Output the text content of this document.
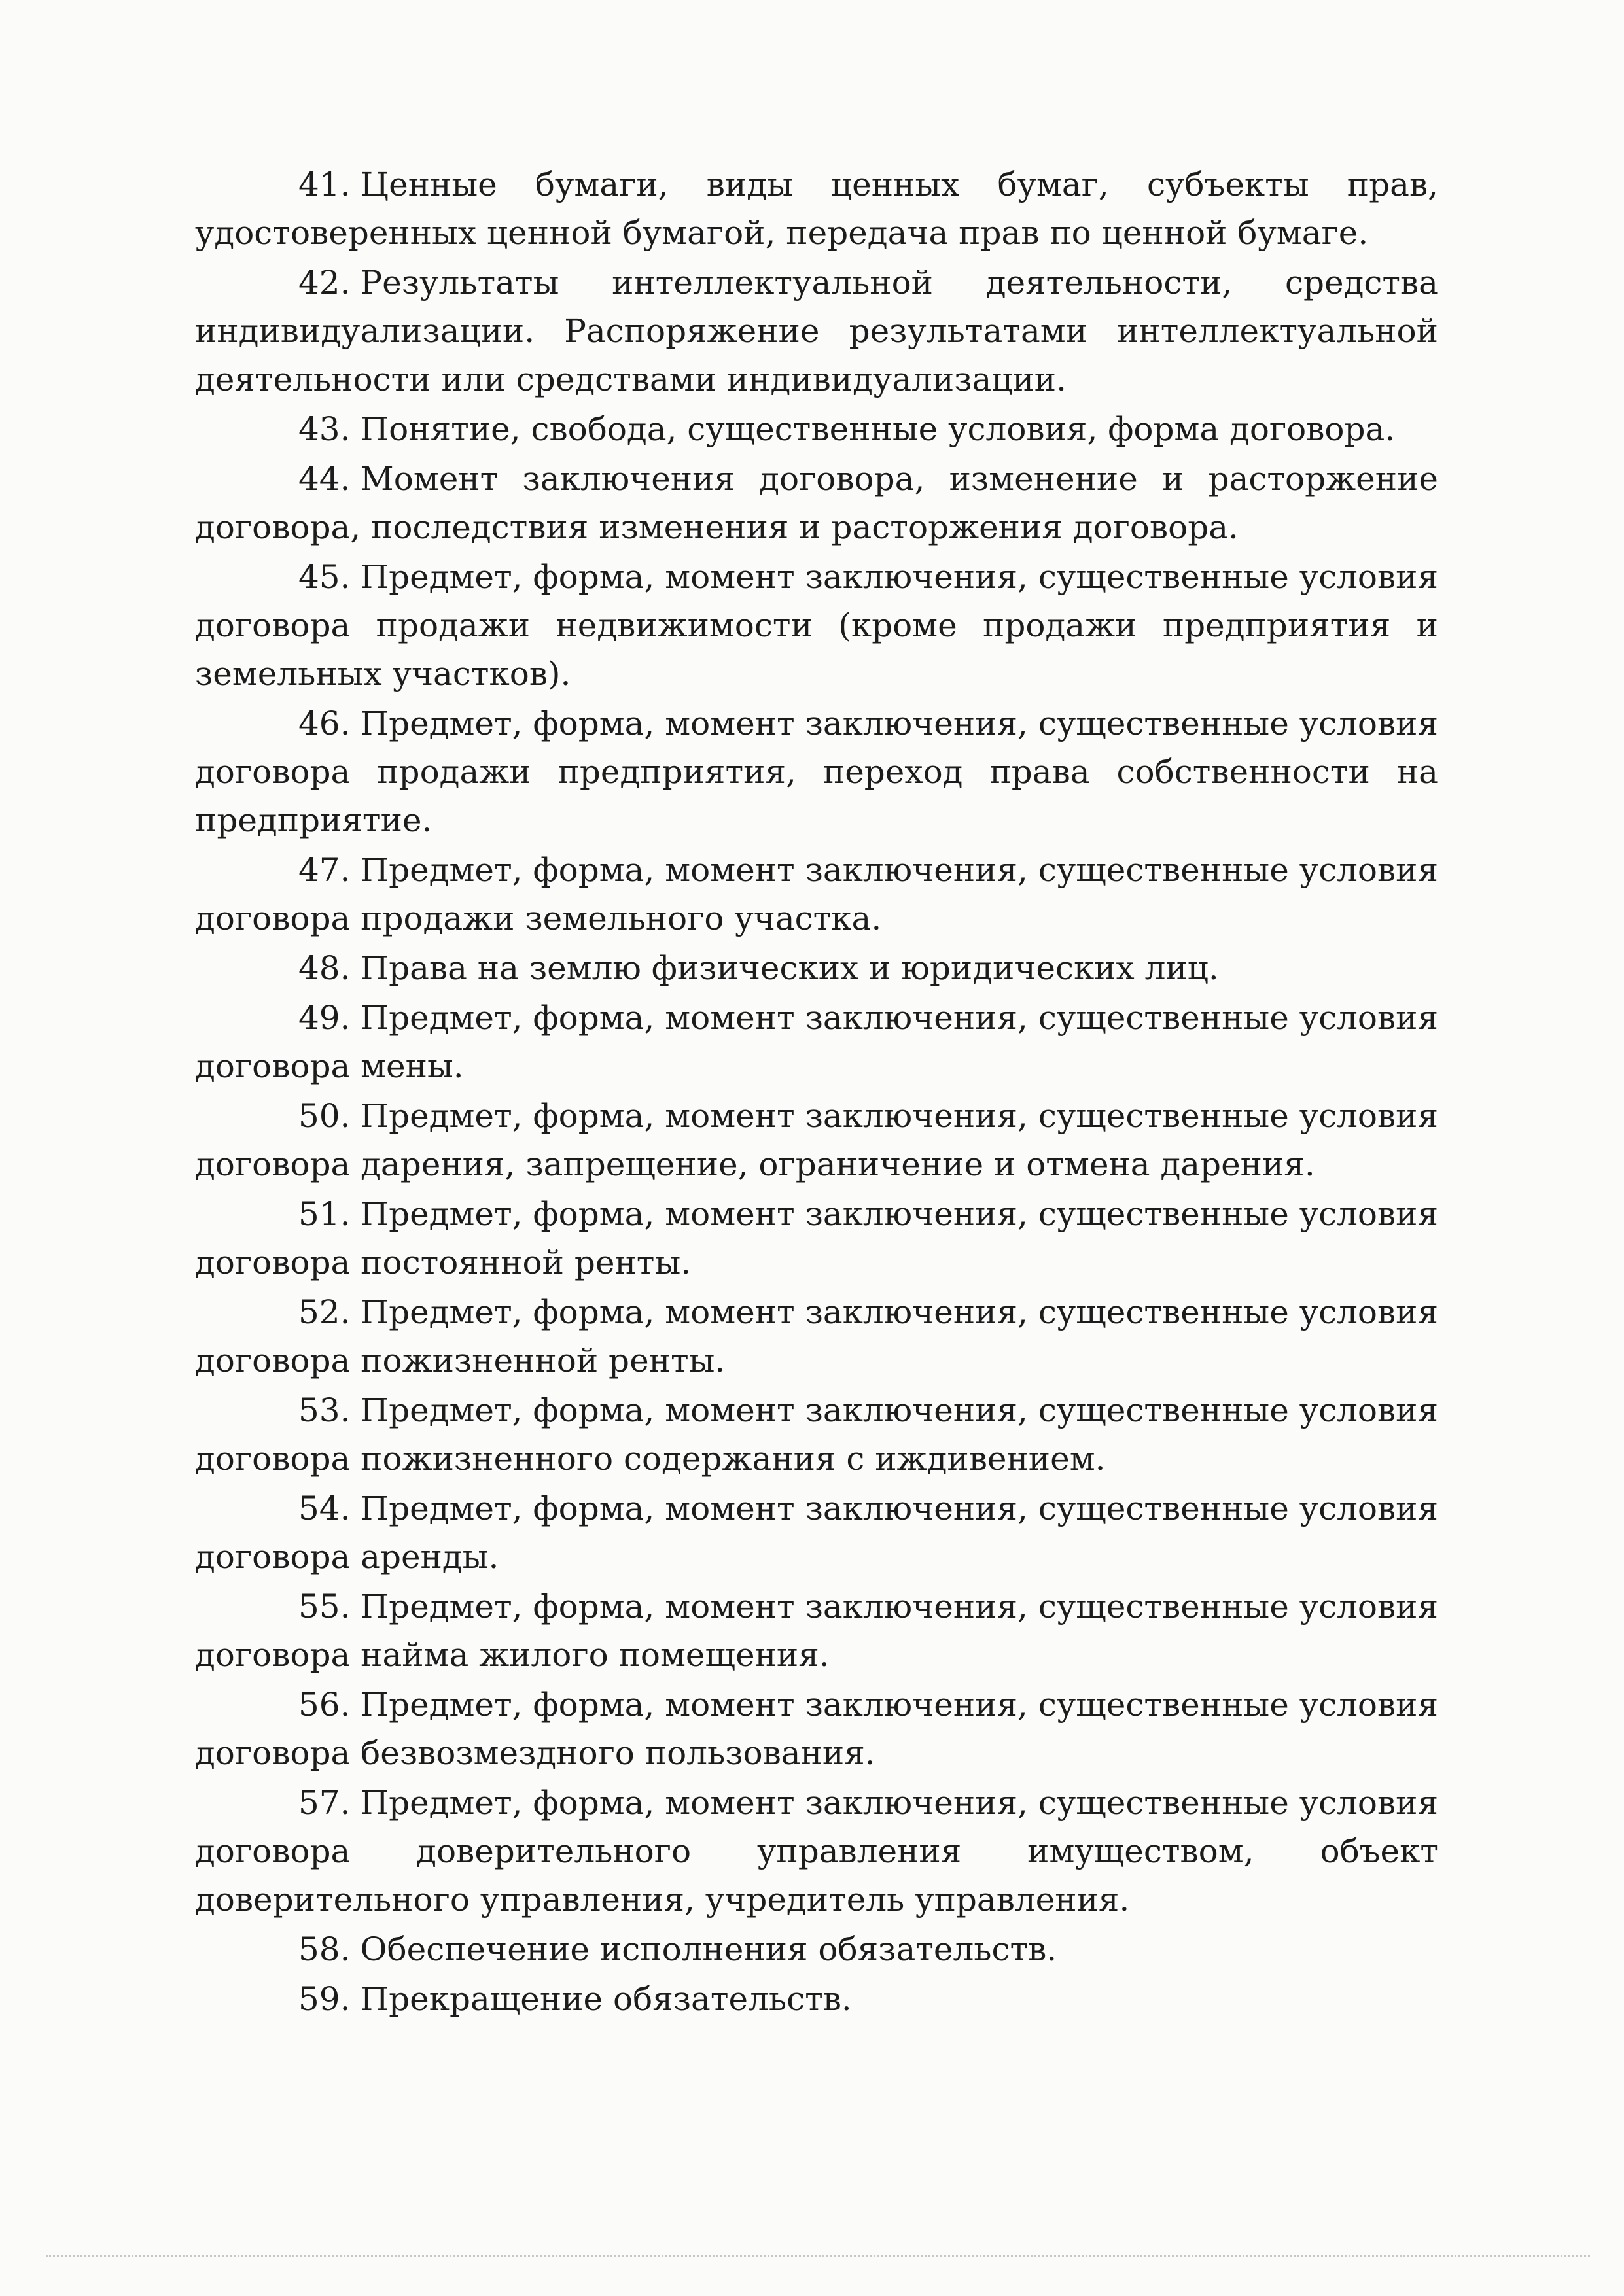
41. Ценные бумаги, виды ценных бумаг, субъекты прав, удостоверенных ценной бумагой, передача прав по ценной бумаге.

42. Результаты интеллектуальной деятельности, средства индивидуализации. Распоряжение результатами интеллектуальной деятельности или средствами индивидуализации.

43. Понятие, свобода, существенные условия, форма договора.

44. Момент заключения договора, изменение и расторжение договора, последствия изменения и расторжения договора.

45. Предмет, форма, момент заключения, существенные условия договора продажи недвижимости (кроме продажи предприятия и земельных участков).

46. Предмет, форма, момент заключения, существенные условия договора продажи предприятия, переход права собственности на предприятие.

47. Предмет, форма, момент заключения, существенные условия договора продажи земельного участка.

48. Права на землю физических и юридических лиц.

49. Предмет, форма, момент заключения, существенные условия договора мены.

50. Предмет, форма, момент заключения, существенные условия договора дарения, запрещение, ограничение и отмена дарения.

51. Предмет, форма, момент заключения, существенные условия договора постоянной ренты.

52. Предмет, форма, момент заключения, существенные условия договора пожизненной ренты.

53. Предмет, форма, момент заключения, существенные условия договора пожизненного содержания с иждивением.

54. Предмет, форма, момент заключения, существенные условия договора аренды.

55. Предмет, форма, момент заключения, существенные условия договора найма жилого помещения.

56. Предмет, форма, момент заключения, существенные условия договора безвозмездного пользования.

57. Предмет, форма, момент заключения, существенные условия договора доверительного управления имуществом, объект доверительного управления, учредитель управления.

58. Обеспечение исполнения обязательств.

59. Прекращение обязательств.
